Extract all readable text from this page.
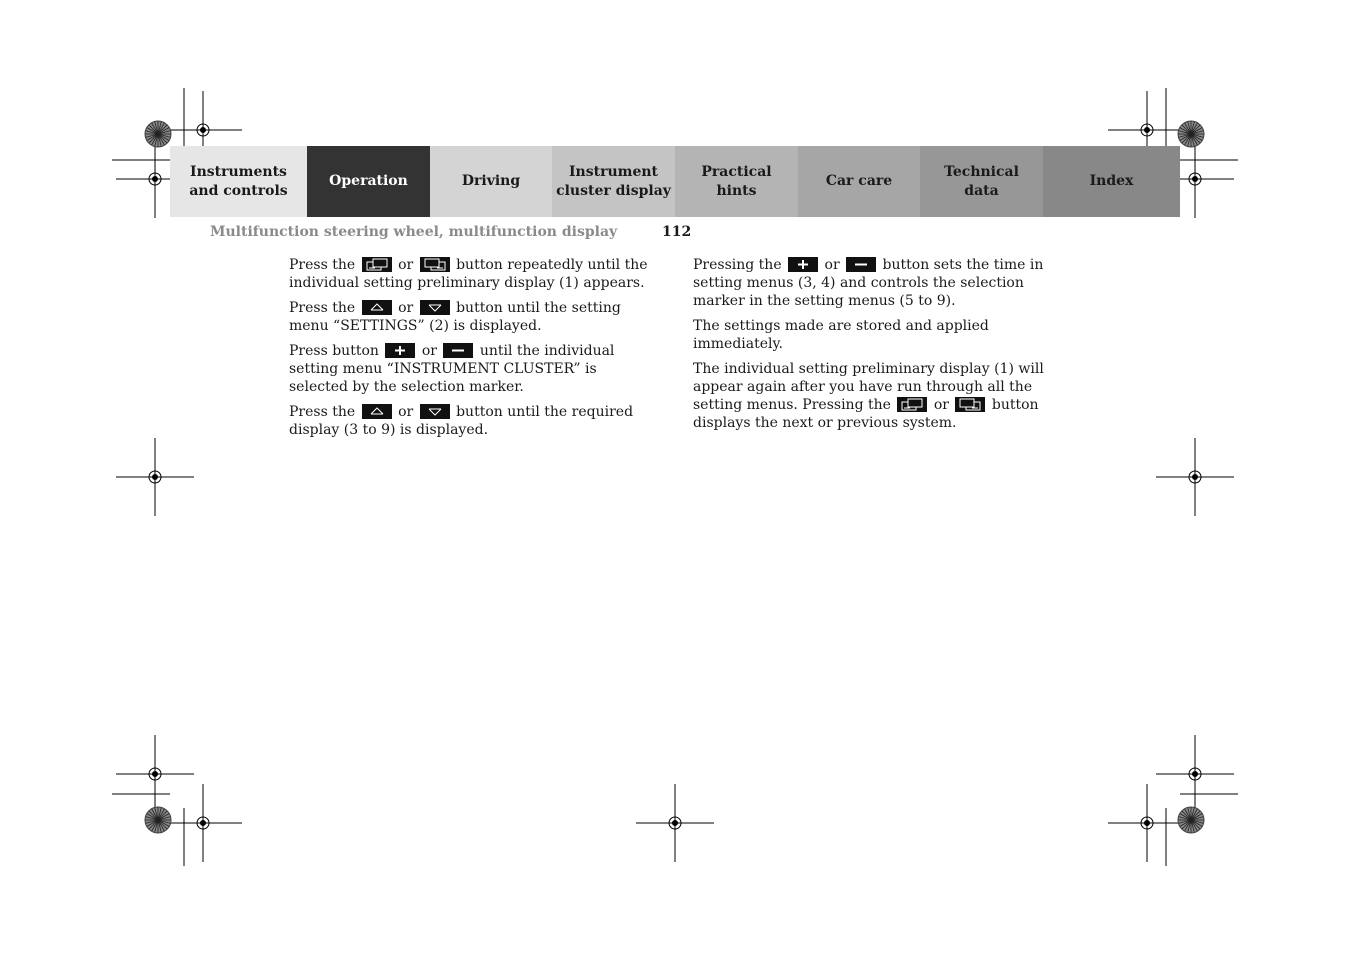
Instruments
and controls
Operation	Driving
Instrument
cluster display
Practical hints
Car care
Technical
data
Index
Multifunction steering wheel, multifunction display	112

Press the	or	button repeatedly until the individual setting preliminary display (1) appears.

Press the	or	button until the setting menu “SETTINGS” (2) is displayed.

Press button	or	until the individual setting menu “INSTRUMENT CLUSTER” is selected by the selection marker.

Press the	or	button until the required display (3 to 9) is displayed.

Pressing the	or	button sets the time in setting menus (3, 4) and controls the selection marker in the setting menus (5 to 9).

The settings made are stored and applied immediately.

The individual setting preliminary display (1) will appear again after you have run through all the setting menus. Pressing the	or	button displays the next or previous system.
